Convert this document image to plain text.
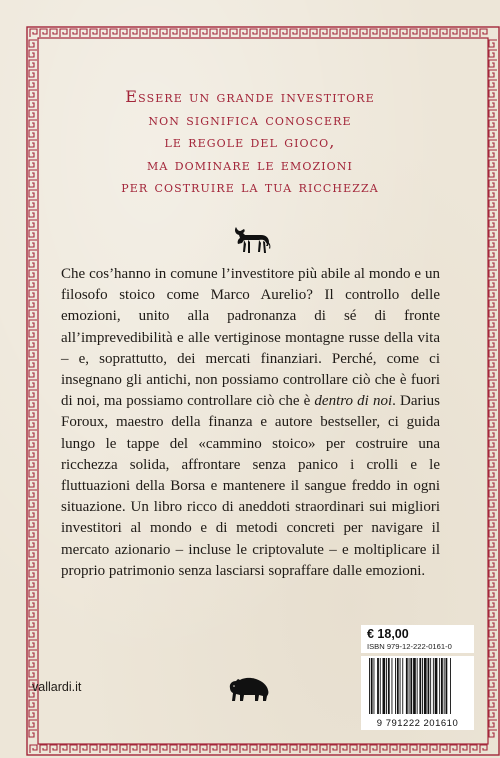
Essere un grande investitore
non significa conoscere
le regole del gioco,
ma dominare le emozioni
per costruire la tua ricchezza
Che cos’hanno in comune l’investitore più abile al mondo e un filosofo stoico come Marco Aurelio? Il controllo delle emozioni, unito alla padronanza di sé di fronte all’imprevedibilità e alle vertiginose montagne russe della vita – e, soprattutto, dei mercati finanziari. Perché, come ci insegnano gli antichi, non possiamo controllare ciò che è fuori di noi, ma possiamo controllare ciò che è dentro di noi. Darius Foroux, maestro della finanza e autore bestseller, ci guida lungo le tappe del «cammino stoico» per costruire una ricchezza solida, affrontare senza panico i crolli e le fluttuazioni della Borsa e mantenere il sangue freddo in ogni situazione. Un libro ricco di aneddoti straordinari sui migliori investitori al mondo e di metodi concreti per navigare il mercato azionario – incluse le criptovalute – e moltiplicare il proprio patrimonio senza lasciarsi sopraffare dalle emozioni.
€ 18,00
ISBN 979-12-222-0161-0
9 791222 201610
vallardi.it
